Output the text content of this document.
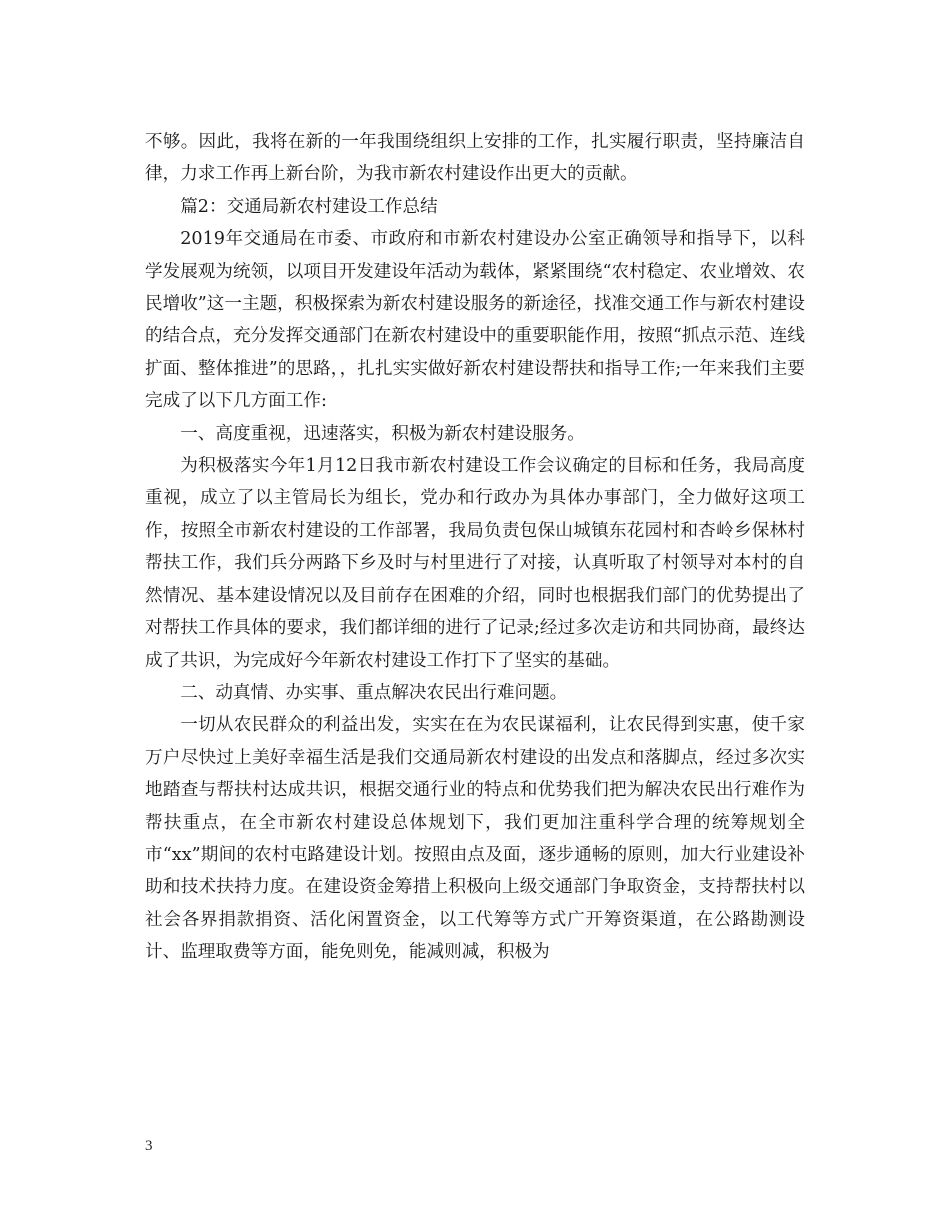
不够。因此，我将在新的一年我围绕组织上安排的工作，扎实履行职责，坚持廉洁自律，力求工作再上新台阶，为我市新农村建设作出更大的贡献。

篇2：交通局新农村建设工作总结

2019年交通局在市委、市政府和市新农村建设办公室正确领导和指导下，以科学发展观为统领，以项目开发建设年活动为载体，紧紧围绕“农村稳定、农业增效、农民增收”这一主题，积极探索为新农村建设服务的新途径，找准交通工作与新农村建设的结合点，充分发挥交通部门在新农村建设中的重要职能作用，按照“抓点示范、连线扩面、整体推进”的思路，，扎扎实实做好新农村建设帮扶和指导工作;一年来我们主要完成了以下几方面工作:

一、高度重视，迅速落实，积极为新农村建设服务。

为积极落实今年1月12日我市新农村建设工作会议确定的目标和任务，我局高度重视，成立了以主管局长为组长，党办和行政办为具体办事部门，全力做好这项工作，按照全市新农村建设的工作部署，我局负责包保山城镇东花园村和杏岭乡保林村帮扶工作，我们兵分两路下乡及时与村里进行了对接，认真听取了村领导对本村的自然情况、基本建设情况以及目前存在困难的介绍，同时也根据我们部门的优势提出了对帮扶工作具体的要求，我们都详细的进行了记录;经过多次走访和共同协商，最终达成了共识，为完成好今年新农村建设工作打下了坚实的基础。

二、动真情、办实事、重点解决农民出行难问题。

一切从农民群众的利益出发，实实在在为农民谋福利，让农民得到实惠，使千家万户尽快过上美好幸福生活是我们交通局新农村建设的出发点和落脚点，经过多次实地踏查与帮扶村达成共识，根据交通行业的特点和优势我们把为解决农民出行难作为帮扶重点，在全市新农村建设总体规划下，我们更加注重科学合理的统筹规划全市“xx”期间的农村屯路建设计划。按照由点及面，逐步通畅的原则，加大行业建设补助和技术扶持力度。在建设资金筹措上积极向上级交通部门争取资金，支持帮扶村以社会各界捐款捐资、活化闲置资金，以工代筹等方式广开筹资渠道，在公路勘测设计、监理取费等方面，能免则免，能减则减，积极为

3
